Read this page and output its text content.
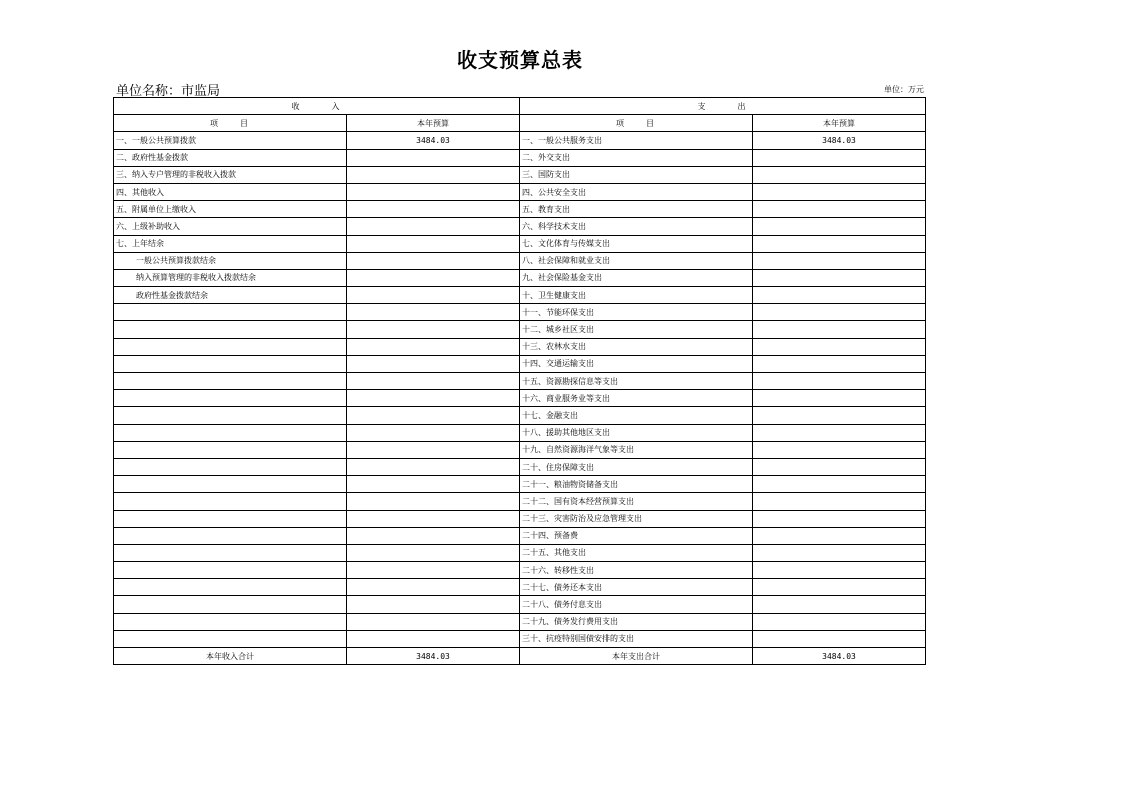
收支预算总表
单位名称：市监局	单位：万元
收　　　入		支　　　出	
项　　目	本年预算	项　　目	本年预算
一、一般公共预算拨款	3484.03	一、一般公共服务支出	3484.03
二、政府性基金拨款		二、外交支出	
三、纳入专户管理的非税收入拨款		三、国防支出	
四、其他收入		四、公共安全支出	
五、附属单位上缴收入		五、教育支出	
六、上级补助收入		六、科学技术支出	
七、上年结余		七、文化体育与传媒支出	
一般公共预算拨款结余		八、社会保障和就业支出	
纳入预算管理的非税收入拨款结余		九、社会保险基金支出	
政府性基金拨款结余		十、卫生健康支出	
		十一、节能环保支出	
		十二、城乡社区支出	
		十三、农林水支出	
		十四、交通运输支出	
		十五、资源勘探信息等支出	
		十六、商业服务业等支出	
		十七、金融支出	
		十八、援助其他地区支出	
		十九、自然资源海洋气象等支出	
		二十、住房保障支出	
		二十一、粮油物资储备支出	
		二十二、国有资本经营预算支出	
		二十三、灾害防治及应急管理支出	
		二十四、预备费	
		二十五、其他支出	
		二十六、转移性支出	
		二十七、债务还本支出	
		二十八、债务付息支出	
		二十九、债务发行费用支出	
		三十、抗疫特别国债安排的支出	
本年收入合计	3484.03	本年支出合计	3484.03
